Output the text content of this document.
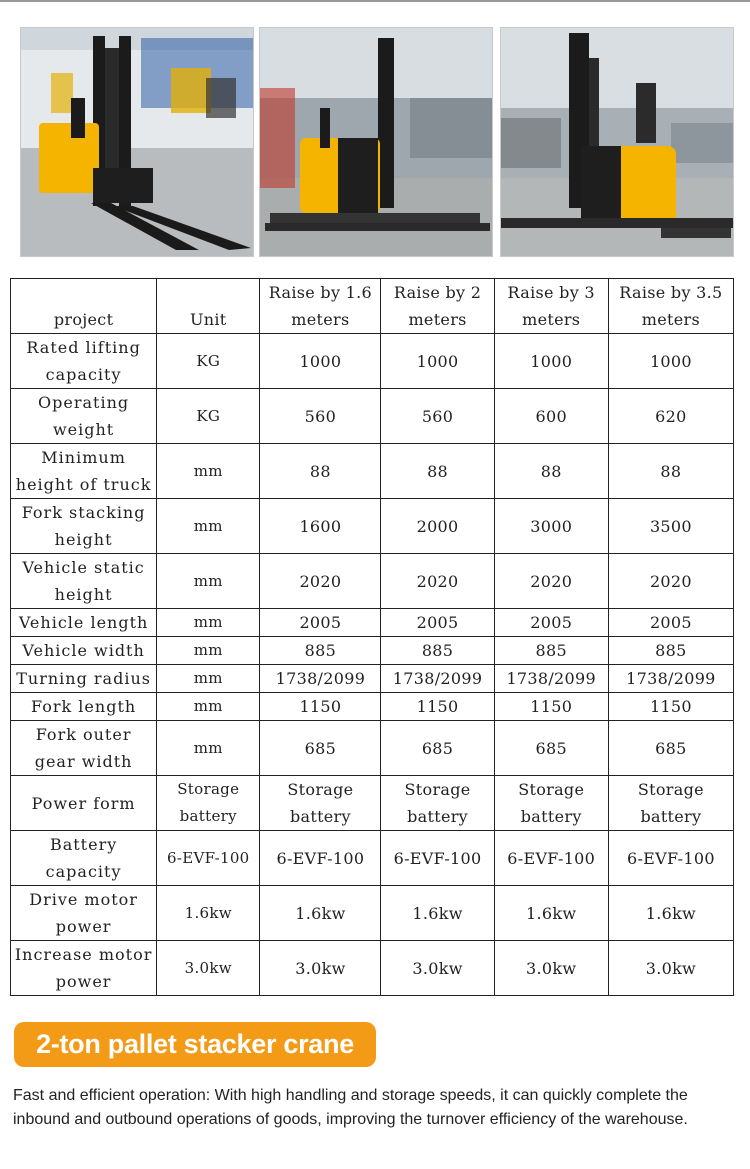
project	Unit	Raise by 1.6 meters	Raise by 2 meters	Raise by 3 meters	Raise by 3.5 meters
Rated lifting capacity	KG	1000	1000	1000	1000
Operating weight	KG	560	560	600	620
Minimum height of truck	mm	88	88	88	88
Fork stacking height	mm	1600	2000	3000	3500
Vehicle static height	mm	2020	2020	2020	2020
Vehicle length	mm	2005	2005	2005	2005
Vehicle width	mm	885	885	885	885
Turning radius	mm	1738/2099	1738/2099	1738/2099	1738/2099
Fork length	mm	1150	1150	1150	1150
Fork outer gear width	mm	685	685	685	685
Power form	Storage battery	Storage battery	Storage battery	Storage battery	Storage battery
Battery capacity	6-EVF-100	6-EVF-100	6-EVF-100	6-EVF-100	6-EVF-100
Drive motor power	1.6kw	1.6kw	1.6kw	1.6kw	1.6kw
Increase motor power	3.0kw	3.0kw	3.0kw	3.0kw	3.0kw
2-ton pallet stacker crane
Fast and efficient operation: With high handling and storage speeds, it can quickly complete the inbound and outbound operations of goods, improving the turnover efficiency of the warehouse.
